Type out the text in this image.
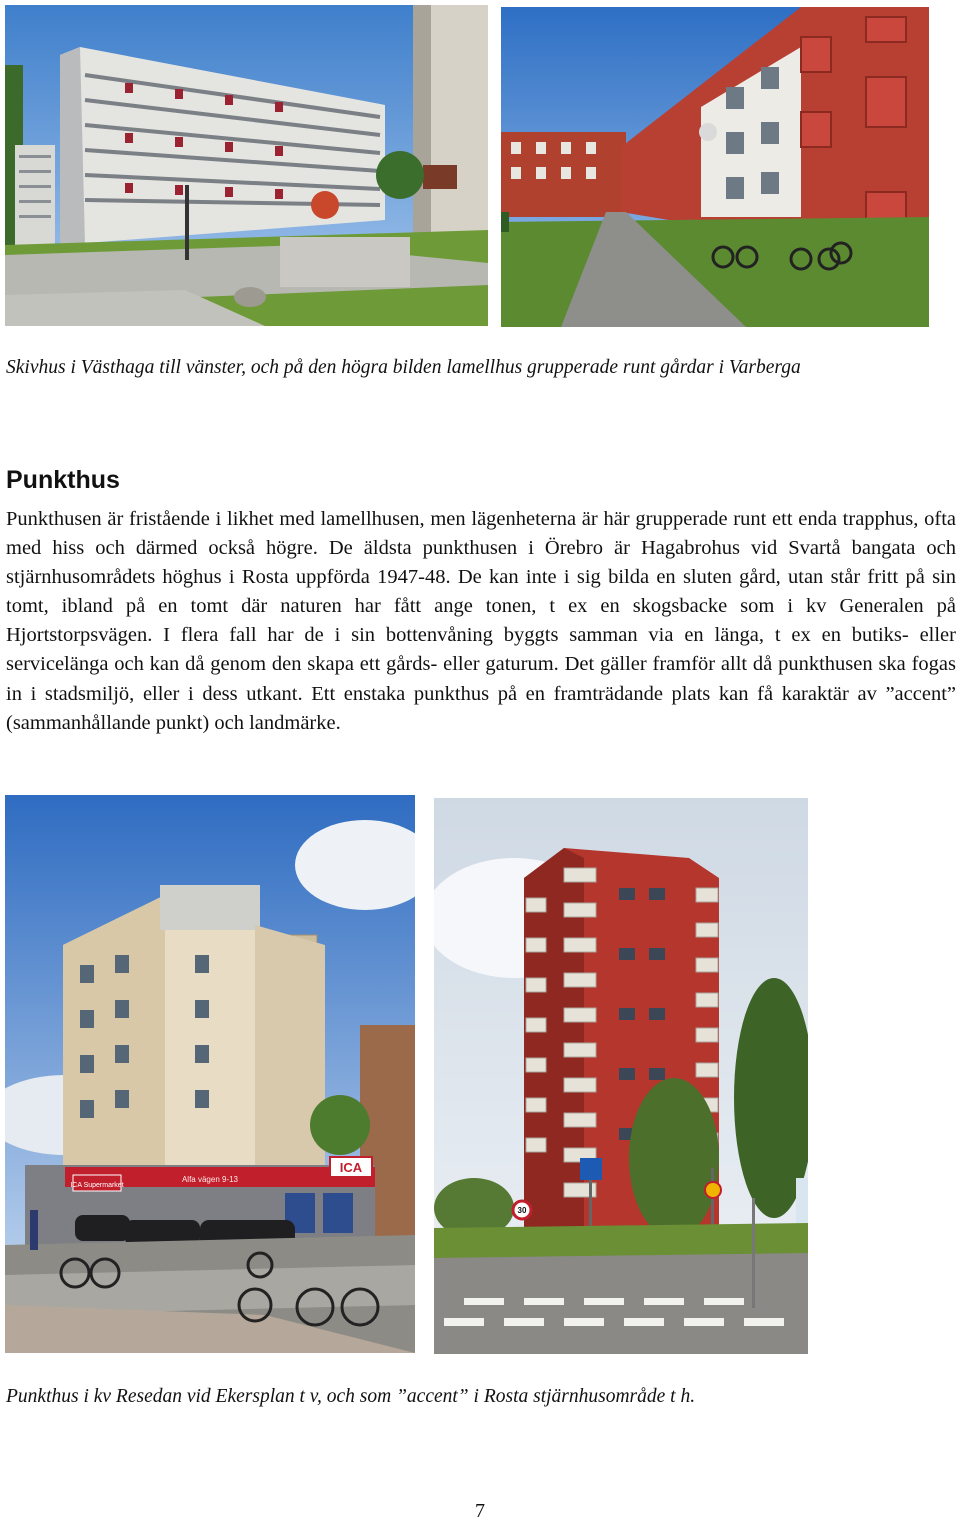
Skivhus i Västhaga till vänster, och på den högra bilden lamellhus grupperade runt gårdar i Varberga
Punkthus

Punkthusen är fristående i likhet med lamellhusen, men lägenheterna är här grupperade runt ett enda trapphus, ofta med hiss och därmed också högre. De äldsta punkthusen i Örebro är Hagabrohus vid Svartå bangata och stjärnhusområdets höghus i Rosta uppförda 1947-48. De kan inte i sig bilda en sluten gård, utan står fritt på sin tomt, ibland på en tomt där naturen har fått ange tonen, t ex en skogsbacke som i kv Generalen på Hjortstorpsvägen. I flera fall har de i sin bottenvåning byggts samman via en länga, t ex en butiks- eller servicelänga och kan då genom den skapa ett gårds- eller gaturum. Det gäller framför allt då punkthusen ska fogas in i stadsmiljö, eller i dess utkant. Ett enstaka punkthus på en framträdande plats kan få karaktär av ”accent” (sammanhållande punkt) och landmärke.

ICA
ICA Supermarket
Alfa vägen 9-13
30
Punkthus i kv Resedan vid Ekersplan t v, och som ”accent” i Rosta stjärnhusområde t h.
7
